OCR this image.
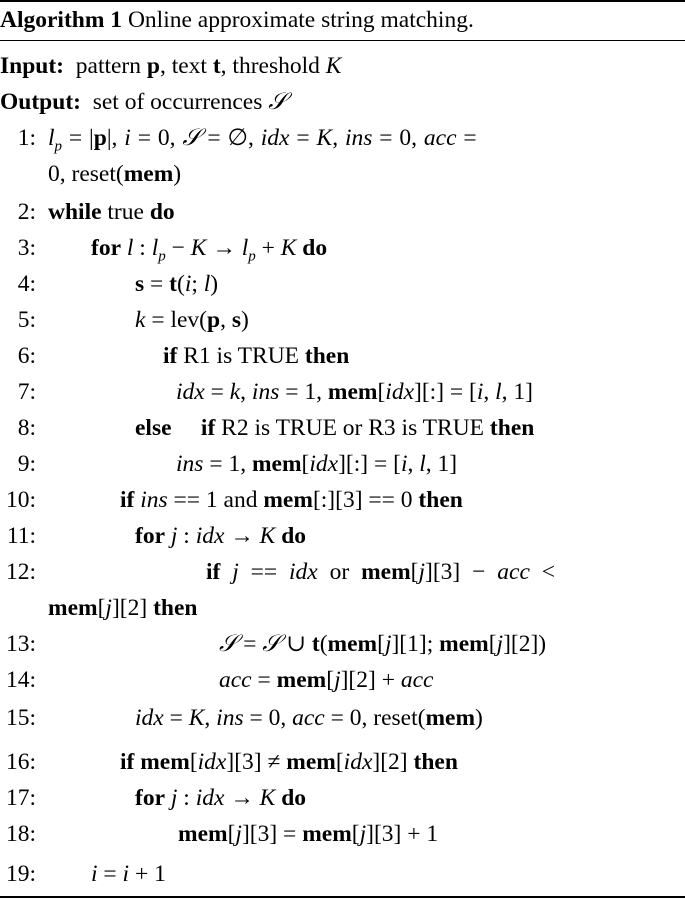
Algorithm 1 Online approximate string matching.
Input:  pattern p, text t, threshold K
Output:  set of occurrences 𝒮
1: $l_p = |p|$, i = 0, 𝒮 = ∅, idx = K, ins = 0, acc =
0, reset(mem)
2: while true do
3: for l : $l_p - K \to l_p + K$ do
4:	s = t(i; l)
5:	k = lev(p, s)
6:	if R1 is TRUE then
7:	idx = k, ins = 1, mem[idx][:] = [i, l, 1]
8:	else if R2 is TRUE or R3 is TRUE then
9:	ins = 1, mem[idx][:] = [i, l, 1]
10:	if ins == 1 and mem[:][3] == 0 then
11:	for j : idx → K do
12:	if j == idx or mem[j][3] − acc <
mem[j][2] then
13:	𝒮 = 𝒮 ∪ t(mem[j][1]; mem[j][2])
14:	acc = mem[j][2] + acc
15:	idx = K, ins = 0, acc = 0, reset(mem)
16:	if mem[idx][3] ≠ mem[idx][2] then
17:	for j : idx → K do
18:	mem[j][3] = mem[j][3] + 1
19: i = i + 1
